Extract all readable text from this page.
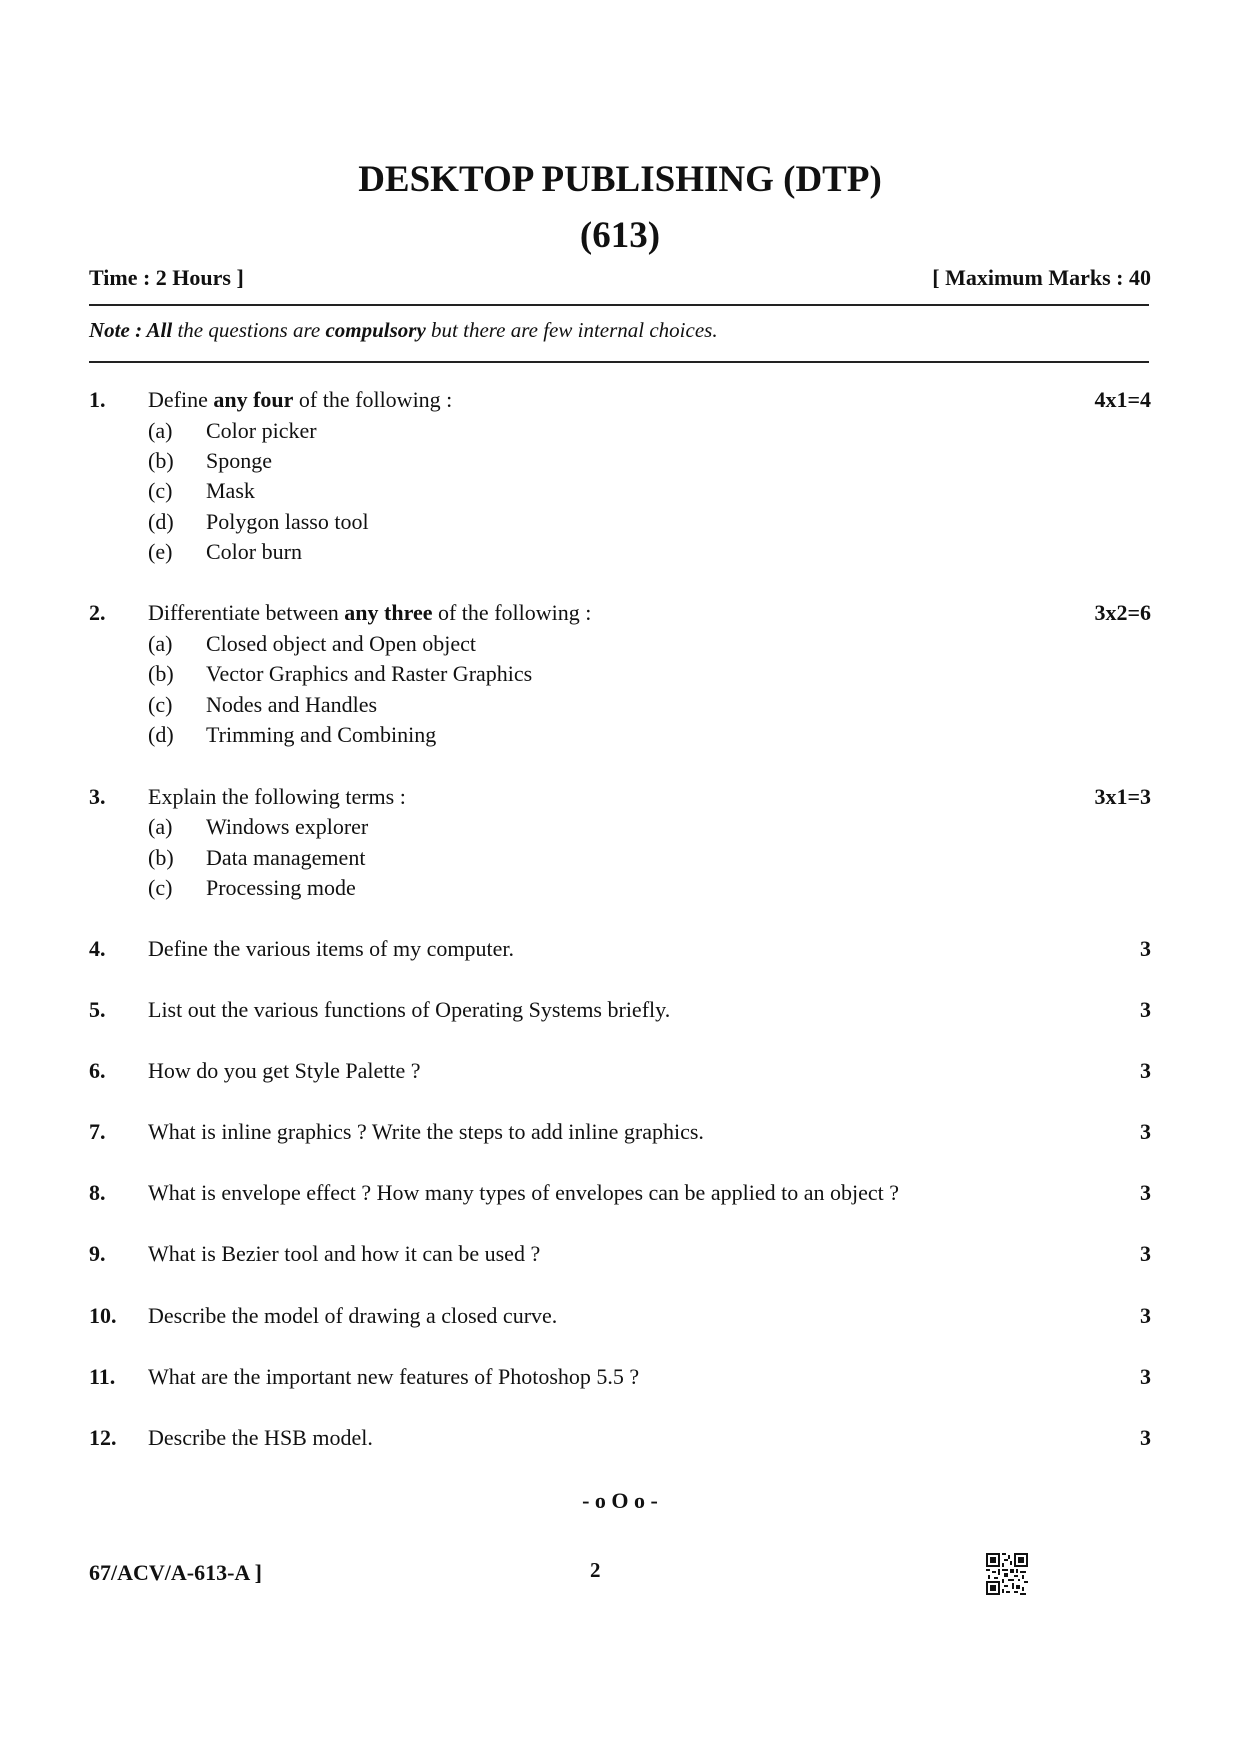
DESKTOP PUBLISHING (DTP)
(613)
Time : 2 Hours ]	[ Maximum Marks : 40
Note : All the questions are compulsory but there are few internal choices.
1. Define any four of the following :	4x1=4
(a) Color picker
(b) Sponge
(c) Mask
(d) Polygon lasso tool
(e) Color burn
2. Differentiate between any three of the following :	3x2=6
(a) Closed object and Open object
(b) Vector Graphics and Raster Graphics
(c) Nodes and Handles
(d) Trimming and Combining
3. Explain the following terms :	3x1=3
(a) Windows explorer
(b) Data management
(c) Processing mode
4. Define the various items of my computer.	3
5. List out the various functions of Operating Systems briefly.	3
6. How do you get Style Palette ?	3
7. What is inline graphics ? Write the steps to add inline graphics.	3
8. What is envelope effect ? How many types of envelopes can be applied to an object ?	3
9. What is Bezier tool and how it can be used ?	3
10. Describe the model of drawing a closed curve.	3
11. What are the important new features of Photoshop 5.5 ?	3
12. Describe the HSB model.	3
- o O o -
67/ACV/A-613-A ]	2
